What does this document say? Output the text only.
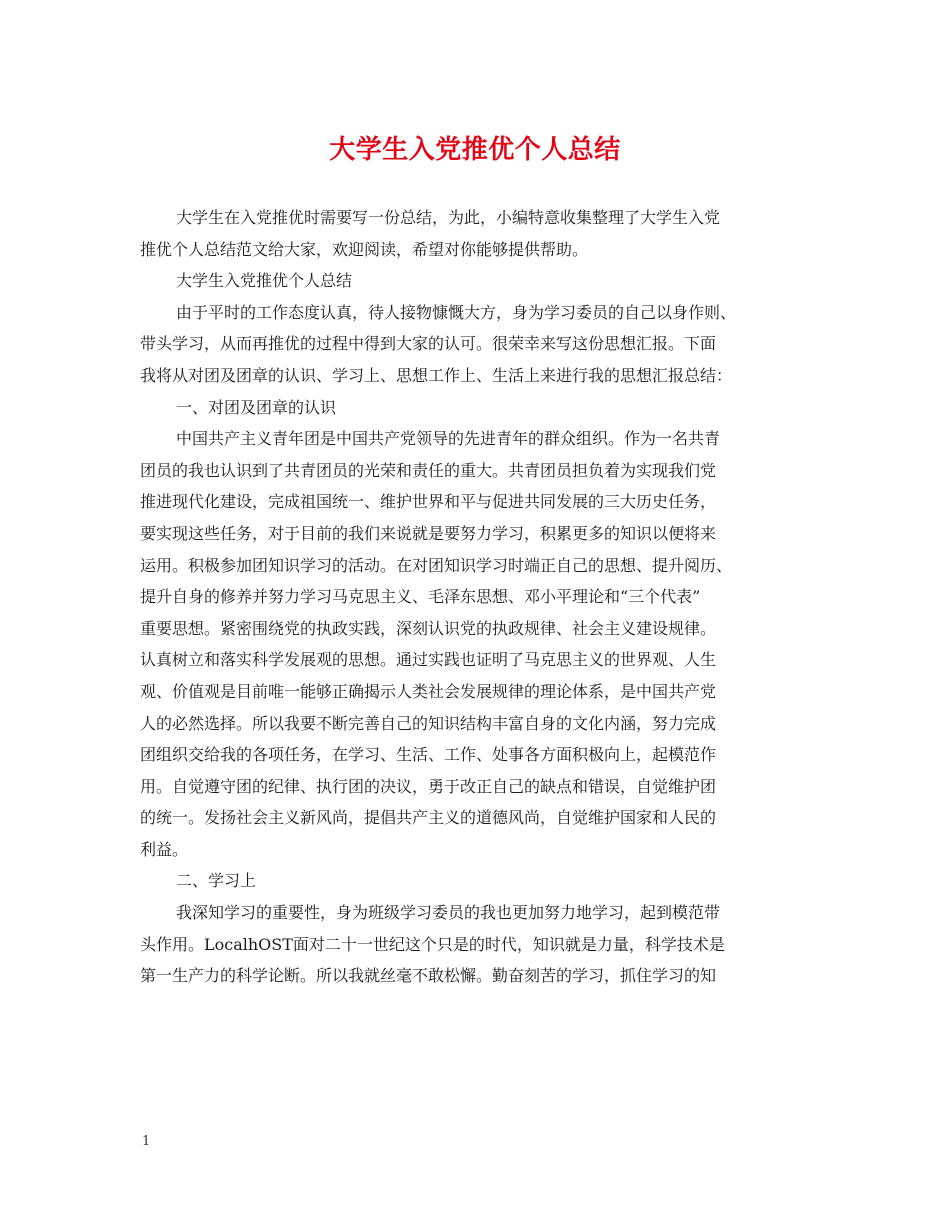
大学生入党推优个人总结
大学生在入党推优时需要写一份总结，为此，小编特意收集整理了大学生入党
推优个人总结范文给大家，欢迎阅读，希望对你能够提供帮助。
大学生入党推优个人总结
由于平时的工作态度认真，待人接物慷慨大方，身为学习委员的自己以身作则、
带头学习，从而再推优的过程中得到大家的认可。很荣幸来写这份思想汇报。下面
我将从对团及团章的认识、学习上、思想工作上、生活上来进行我的思想汇报总结：
一、对团及团章的认识
中国共产主义青年团是中国共产党领导的先进青年的群众组织。作为一名共青
团员的我也认识到了共青团员的光荣和责任的重大。共青团员担负着为实现我们党
推进现代化建设，完成祖国统一、维护世界和平与促进共同发展的三大历史任务，
要实现这些任务，对于目前的我们来说就是要努力学习，积累更多的知识以便将来
运用。积极参加团知识学习的活动。在对团知识学习时端正自己的思想、提升阅历、
提升自身的修养并努力学习马克思主义、毛泽东思想、邓小平理论和“三个代表”
重要思想。紧密围绕党的执政实践，深刻认识党的执政规律、社会主义建设规律。
认真树立和落实科学发展观的思想。通过实践也证明了马克思主义的世界观、人生
观、价值观是目前唯一能够正确揭示人类社会发展规律的理论体系，是中国共产党
人的必然选择。所以我要不断完善自己的知识结构丰富自身的文化内涵，努力完成
团组织交给我的各项任务，在学习、生活、工作、处事各方面积极向上，起模范作
用。自觉遵守团的纪律、执行团的决议，勇于改正自己的缺点和错误，自觉维护团
的统一。发扬社会主义新风尚，提倡共产主义的道德风尚，自觉维护国家和人民的
利益。
二、学习上
我深知学习的重要性，身为班级学习委员的我也更加努力地学习，起到模范带
头作用。LocalhOST面对二十一世纪这个只是的时代，知识就是力量，科学技术是
第一生产力的科学论断。所以我就丝毫不敢松懈。勤奋刻苦的学习，抓住学习的知
1
